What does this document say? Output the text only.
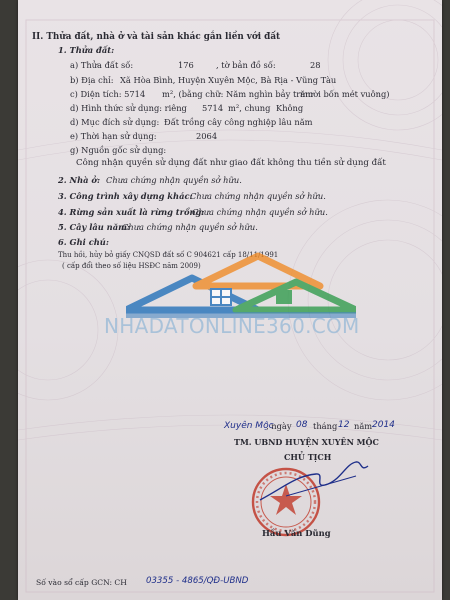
II. Thửa đất, nhà ở và tài sản khác gắn liền với đất
1. Thửa đất:
a) Thửa đất số:	176	, tờ bản đồ số:	28
b) Địa chỉ: Xã Hòa Bình, Huyện Xuyên Mộc, Bà Rịa - Vũng Tàu
c) Diện tích: 5714 m², (bằng chữ: Năm nghìn bảy trăm
mười bốn mét vuông)
d) Hình thức sử dụng: riêng 5714 m², chung Không
d) Mục đích sử dụng: Đất trồng cây công nghiệp lâu năm
e) Thời hạn sử dụng:	2064
g) Nguồn gốc sử dụng:
Công nhận quyền sử dụng đất như giao đất không thu tiền sử dụng đất
2. Nhà ở: Chưa chứng nhận quyền sở hữu.
3. Công trình xây dựng khác:
Chưa chứng nhận quyền sở hữu.
4. Rừng sản xuất là rừng trồng:
Chưa chứng nhận quyền sở hữu.
5. Cây lâu năm:
Chưa chứng nhận quyền sở hữu.
6. Ghi chú:
Thu hồi, hủy bỏ giấy CNQSD đất số C 904621 cấp 18/11/1991
( cấp đổi theo số liệu HSĐC năm 2009)
NHADATONLINE360.COM
Xuyên Mộc
, ngày 08 tháng 12 năm 2014
TM. UBND HUYỆN XUYÊN MỘC
CHỦ TỊCH
Hầu Văn Dũng
Số vào sổ cấp GCN: CH 03355 - 4865/QĐ-UBND
